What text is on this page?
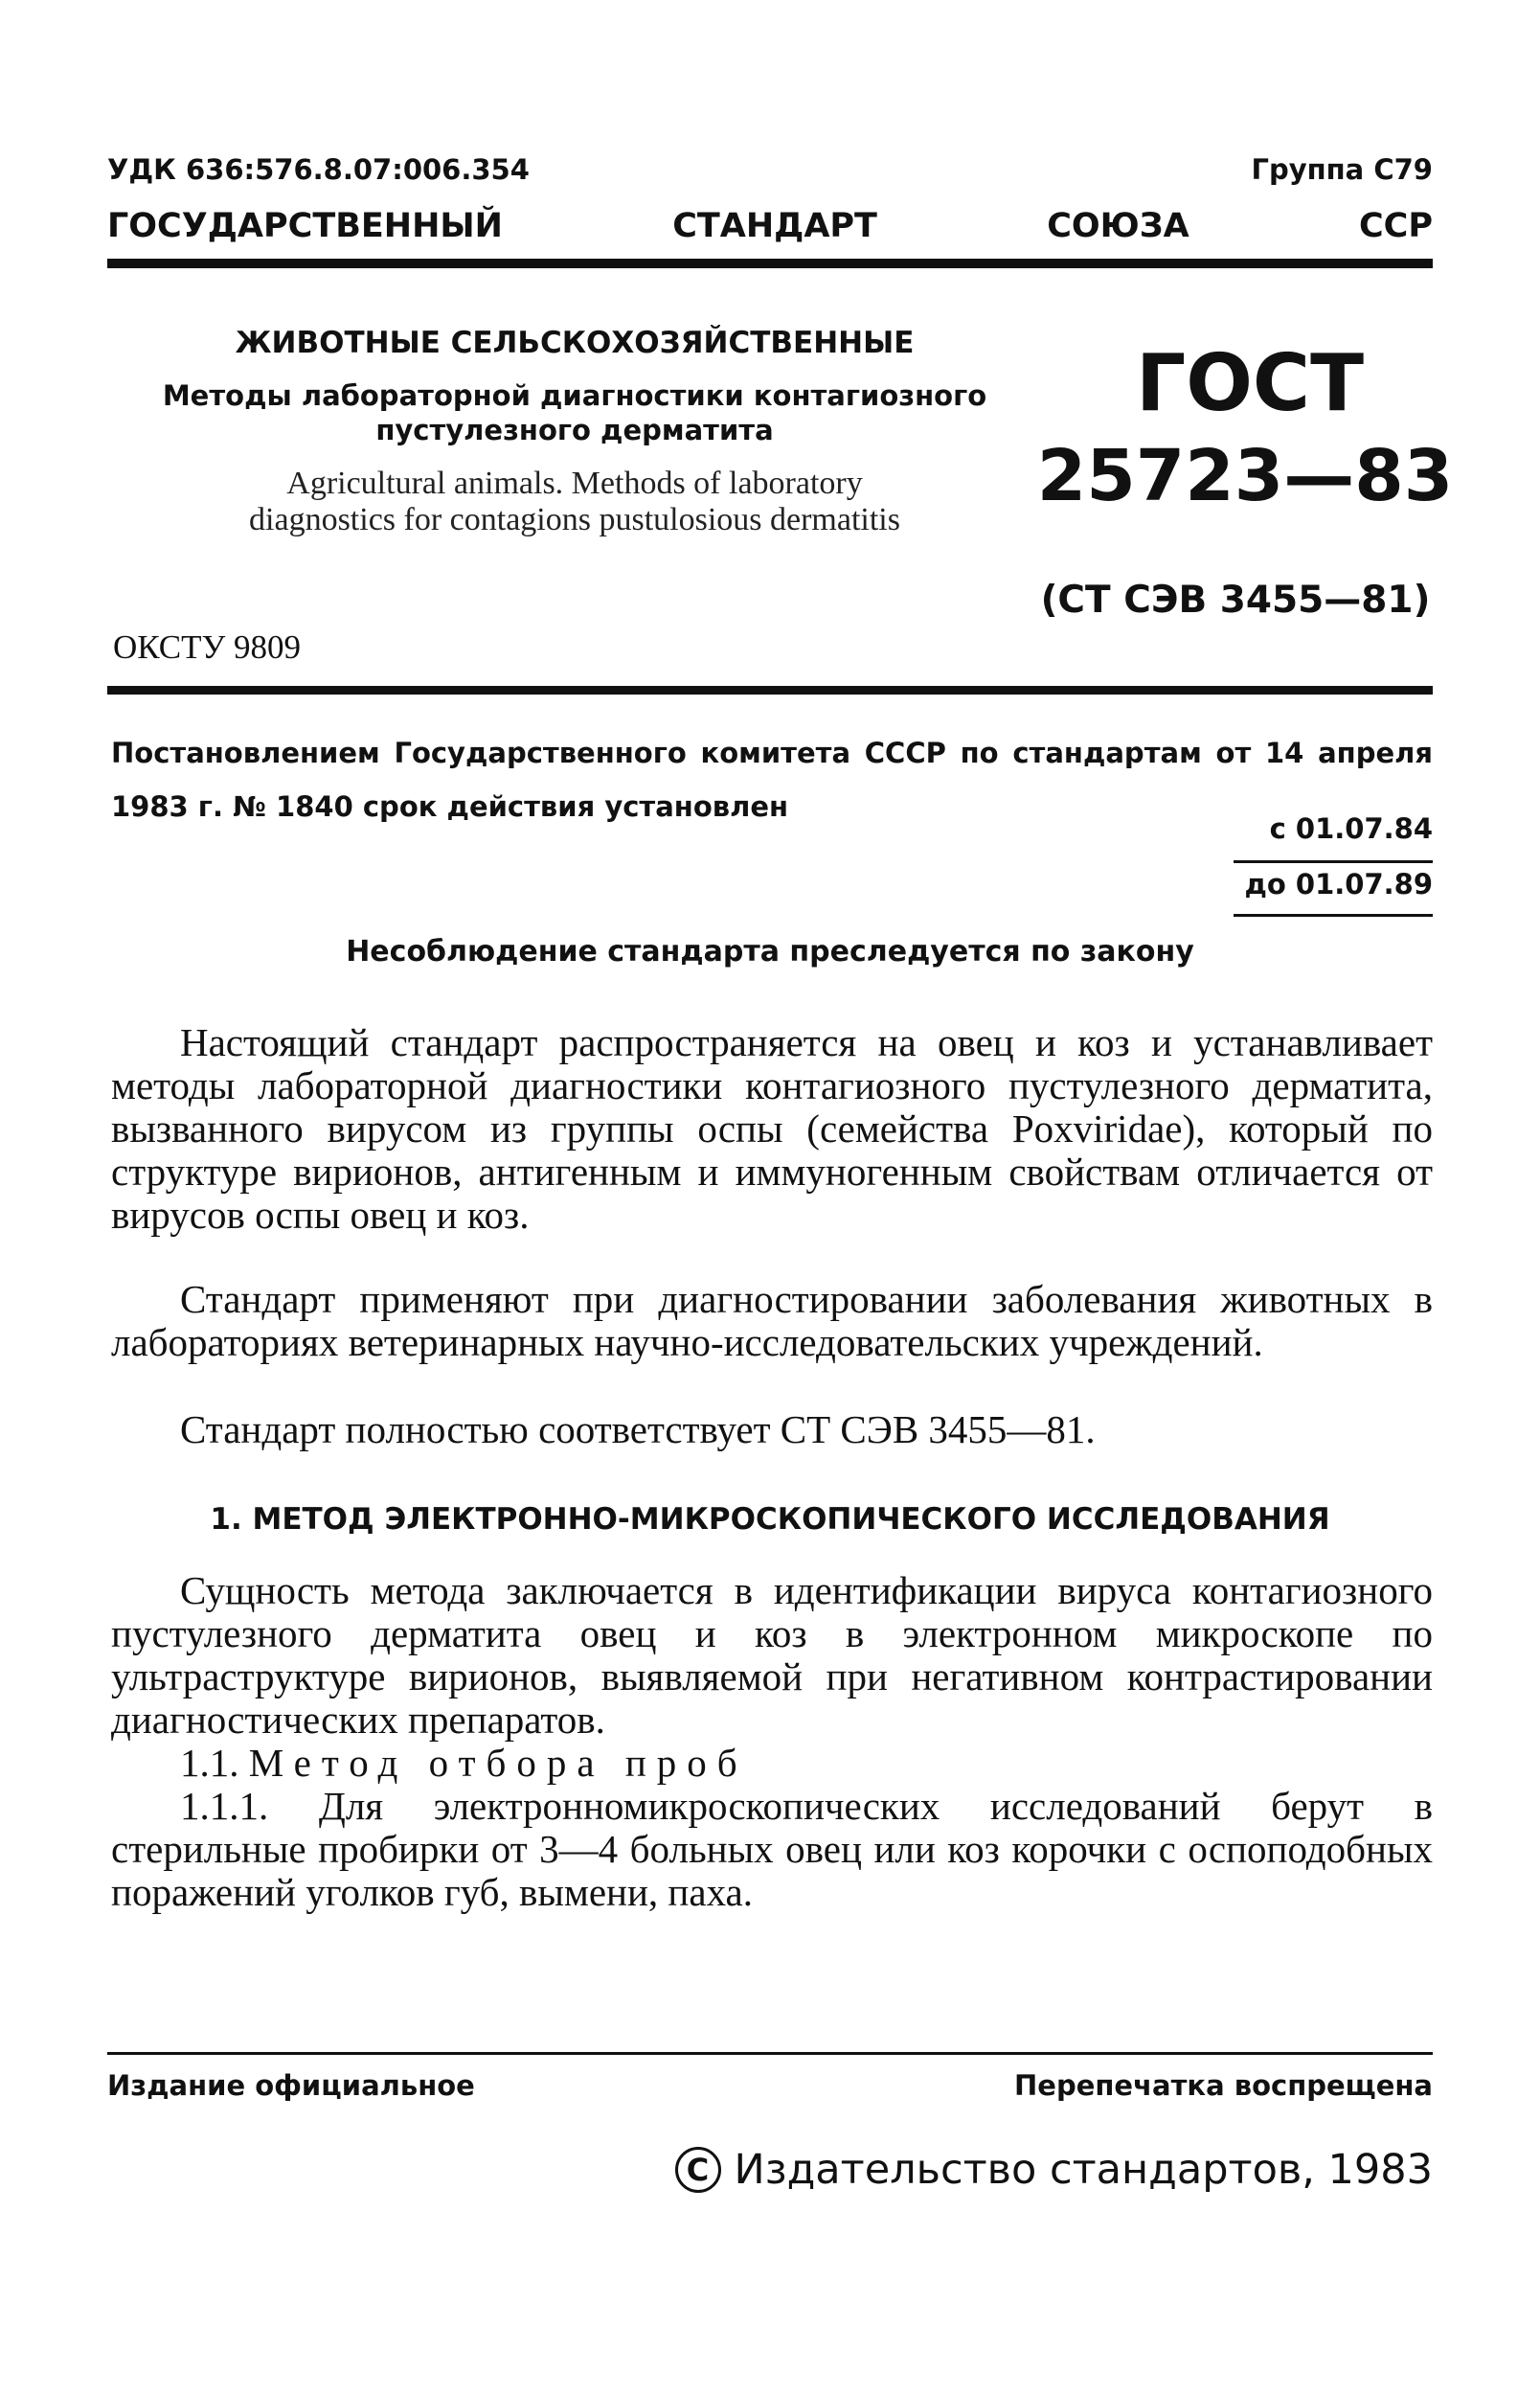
УДК 636:576.8.07:006.354	Группа С79
ГОСУДАРСТВЕННЫЙ	СТАНДАРТ	СОЮЗА	ССР
ЖИВОТНЫЕ СЕЛЬСКОХОЗЯЙСТВЕННЫЕ
Методы лабораторной диагностики контагиозного пустулезного дерматита
Agricultural animals. Methods of laboratory diagnostics for contagions pustulosious dermatitis
ГОСТ
25723—83
(СТ СЭВ 3455—81)
ОКСТУ 9809
Постановлением Государственного комитета СССР по стандартам от 14 апреля 1983 г. № 1840 срок действия установлен
с 01.07.84
до 01.07.89
Несоблюдение стандарта преследуется по закону
Настоящий стандарт распространяется на овец и коз и устанавливает методы лабораторной диагностики контагиозного пустулезного дерматита, вызванного вирусом из группы оспы (семейства Poxviridae), который по структуре вирионов, антигенным и иммуногенным свойствам отличается от вирусов оспы овец и коз.
Стандарт применяют при диагностировании заболевания животных в лабораториях ветеринарных научно-исследовательских учреждений.
Стандарт полностью соответствует СТ СЭВ 3455—81.
1. МЕТОД ЭЛЕКТРОННО-МИКРОСКОПИЧЕСКОГО ИССЛЕДОВАНИЯ
Сущность метода заключается в идентификации вируса контагиозного пустулезного дерматита овец и коз в электронном микроскопе по ультраструктуре вирионов, выявляемой при негативном контрастировании диагностических препаратов.
1.1. Метод отбора проб
1.1.1. Для электронномикроскопических исследований берут в стерильные пробирки от 3—4 больных овец или коз корочки с оспоподобных поражений уголков губ, вымени, паха.
Издание официальное	Перепечатка воспрещена
C Издательство стандартов, 1983
